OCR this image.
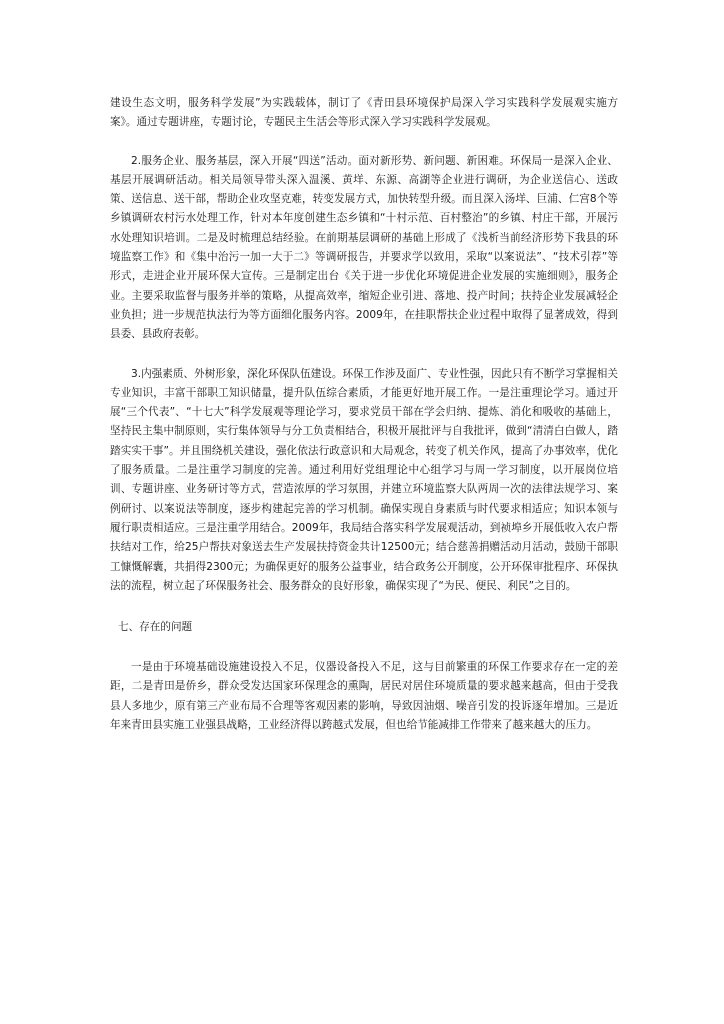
建设生态文明，服务科学发展”为实践载体，制订了《青田县环境保护局深入学习实践科学发展观实施方案》。通过专题讲座，专题讨论，专题民主生活会等形式深入学习实践科学发展观。

2.服务企业、服务基层，深入开展“四送”活动。面对新形势、新问题、新困难。环保局一是深入企业、基层开展调研活动。相关局领导带头深入温溪、黄垟、东源、高湖等企业进行调研，为企业送信心、送政策、送信息、送干部，帮助企业攻坚克难，转变发展方式，加快转型升级。而且深入汤垟、巨浦、仁宫8个等乡镇调研农村污水处理工作，针对本年度创建生态乡镇和“十村示范、百村整治”的乡镇、村庄干部，开展污水处理知识培训。二是及时梳理总结经验。在前期基层调研的基础上形成了《浅析当前经济形势下我县的环境监察工作》和《集中治污一加一大于二》等调研报告，并要求学以致用，采取“以案说法”、“技术引荐”等形式，走进企业开展环保大宣传。三是制定出台《关于进一步优化环境促进企业发展的实施细则》，服务企业。主要采取监督与服务并举的策略，从提高效率，缩短企业引进、落地、投产时间；扶持企业发展减轻企业负担；进一步规范执法行为等方面细化服务内容。2009年，在挂职帮扶企业过程中取得了显著成效，得到县委、县政府表彰。

3.内强素质、外树形象，深化环保队伍建设。环保工作涉及面广、专业性强，因此只有不断学习掌握相关专业知识，丰富干部职工知识储量，提升队伍综合素质，才能更好地开展工作。一是注重理论学习。通过开展“三个代表”、“十七大”科学发展观等理论学习，要求党员干部在学会归纳、提炼、消化和吸收的基础上，坚持民主集中制原则，实行集体领导与分工负责相结合，积极开展批评与自我批评，做到“清清白白做人，踏踏实实干事”。并且围绕机关建设，强化依法行政意识和大局观念，转变了机关作风，提高了办事效率，优化了服务质量。二是注重学习制度的完善。通过利用好党组理论中心组学习与周一学习制度，以开展岗位培训、专题讲座、业务研讨等方式，营造浓厚的学习氛围，并建立环境监察大队两周一次的法律法规学习、案例研讨、以案说法等制度，逐步构建起完善的学习机制。确保实现自身素质与时代要求相适应；知识本领与履行职责相适应。三是注重学用结合。2009年，我局结合落实科学发展观活动，到祯埠乡开展低收入农户帮扶结对工作，给25户帮扶对象送去生产发展扶持资金共计12500元；结合慈善捐赠活动月活动，鼓励干部职工慷慨解囊，共捐得2300元；为确保更好的服务公益事业，结合政务公开制度，公开环保审批程序、环保执法的流程，树立起了环保服务社会、服务群众的良好形象，确保实现了“为民、便民、利民”之目的。

七、存在的问题

一是由于环境基础设施建设投入不足，仪器设备投入不足，这与目前繁重的环保工作要求存在一定的差距，二是青田是侨乡，群众受发达国家环保理念的熏陶，居民对居住环境质量的要求越来越高，但由于受我县人多地少，原有第三产业布局不合理等客观因素的影响，导致因油烟、噪音引发的投诉逐年增加。三是近年来青田县实施工业强县战略，工业经济得以跨越式发展，但也给节能减排工作带来了越来越大的压力。
